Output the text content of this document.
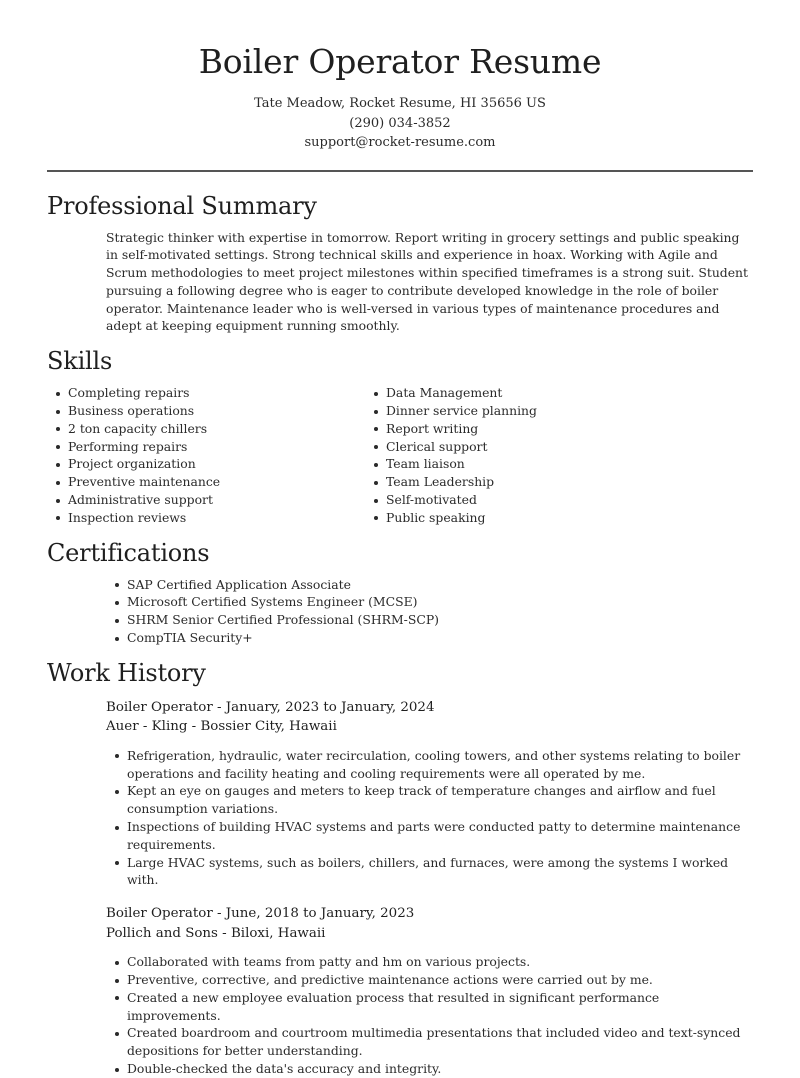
Boiler Operator Resume
Tate Meadow, Rocket Resume, HI 35656 US
(290) 034-3852
support@rocket-resume.com
Professional Summary

Strategic thinker with expertise in tomorrow. Report writing in grocery settings and public speaking in self-motivated settings. Strong technical skills and experience in hoax. Working with Agile and Scrum methodologies to meet project milestones within specified timeframes is a strong suit. Student pursuing a following degree who is eager to contribute developed knowledge in the role of boiler operator. Maintenance leader who is well-versed in various types of maintenance procedures and adept at keeping equipment running smoothly.

Skills
Completing repairs
Business operations
2 ton capacity chillers
Performing repairs
Project organization
Preventive maintenance
Administrative support
Inspection reviews
Data Management
Dinner service planning
Report writing
Clerical support
Team liaison
Team Leadership
Self-motivated
Public speaking
Certifications
SAP Certified Application Associate
Microsoft Certified Systems Engineer (MCSE)
SHRM Senior Certified Professional (SHRM-SCP)
CompTIA Security+
Work History
Boiler Operator - January, 2023 to January, 2024
Auer - Kling - Bossier City, Hawaii
Refrigeration, hydraulic, water recirculation, cooling towers, and other systems relating to boiler operations and facility heating and cooling requirements were all operated by me.
Kept an eye on gauges and meters to keep track of temperature changes and airflow and fuel consumption variations.
Inspections of building HVAC systems and parts were conducted patty to determine maintenance requirements.
Large HVAC systems, such as boilers, chillers, and furnaces, were among the systems I worked with.
Boiler Operator - June, 2018 to January, 2023
Pollich and Sons - Biloxi, Hawaii
Collaborated with teams from patty and hm on various projects.
Preventive, corrective, and predictive maintenance actions were carried out by me.
Created a new employee evaluation process that resulted in significant performance improvements.
Created boardroom and courtroom multimedia presentations that included video and text-synced depositions for better understanding.
Double-checked the data's accuracy and integrity.
